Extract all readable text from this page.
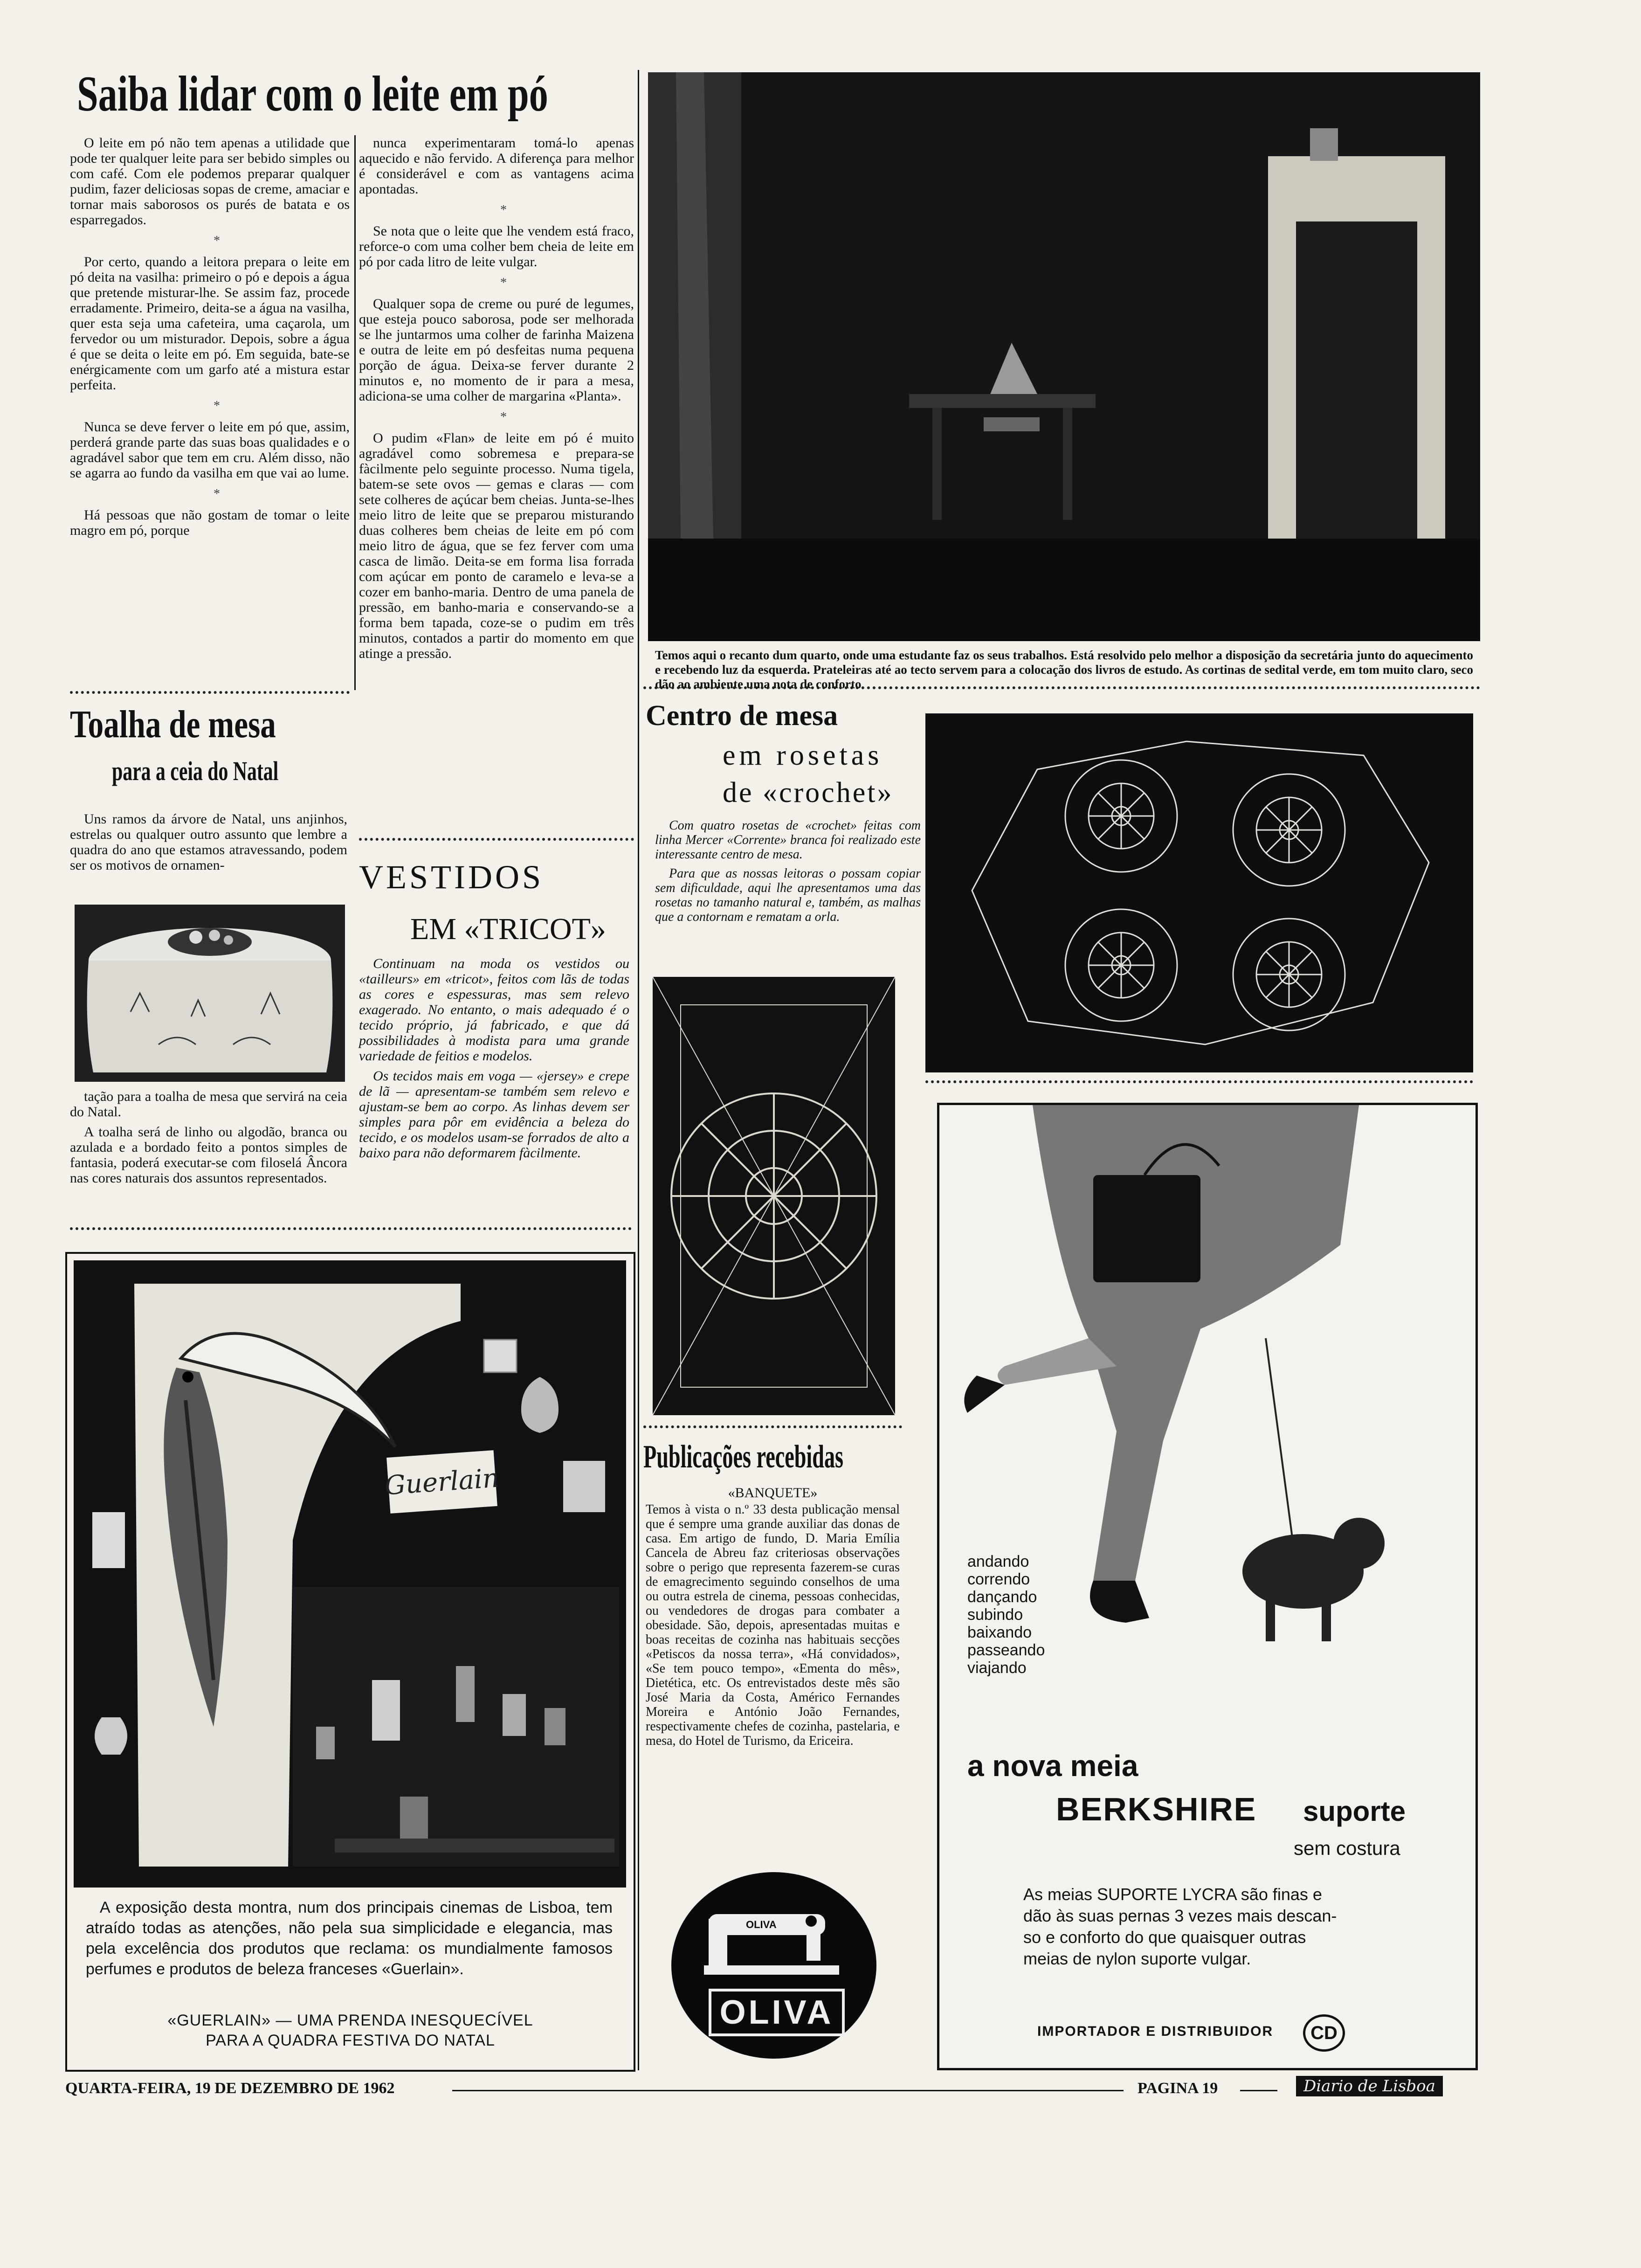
Saiba lidar com o leite em pó

O leite em pó não tem apenas a utilidade que pode ter qualquer leite para ser bebido simples ou com café. Com ele podemos preparar qualquer pudim, fazer deliciosas sopas de creme, amaciar e tornar mais saborosos os purés de batata e os esparregados.

*

Por certo, quando a leitora prepara o leite em pó deita na vasilha: primeiro o pó e depois a água que pretende misturar-lhe. Se assim faz, procede erradamente. Primeiro, deita-se a água na vasilha, quer esta seja uma cafeteira, uma caçarola, um fervedor ou um misturador. Depois, sobre a água é que se deita o leite em pó. Em seguida, bate-se enérgicamente com um garfo até a mistura estar perfeita.

*

Nunca se deve ferver o leite em pó que, assim, perderá grande parte das suas boas qualidades e o agradável sabor que tem em cru. Além disso, não se agarra ao fundo da vasilha em que vai ao lume.

*

Há pessoas que não gostam de tomar o leite magro em pó, porque

nunca experimentaram tomá-lo apenas aquecido e não fervido. A diferença para melhor é considerável e com as vantagens acima apontadas.

*

Se nota que o leite que lhe vendem está fraco, reforce-o com uma colher bem cheia de leite em pó por cada litro de leite vulgar.

*

Qualquer sopa de creme ou puré de legumes, que esteja pouco saborosa, pode ser melhorada se lhe juntarmos uma colher de farinha Maizena e outra de leite em pó desfeitas numa pequena porção de água. Deixa-se ferver durante 2 minutos e, no momento de ir para a mesa, adiciona-se uma colher de margarina «Planta».

*

O pudim «Flan» de leite em pó é muito agradável como sobremesa e prepara-se fàcilmente pelo seguinte processo. Numa tigela, batem-se sete ovos — gemas e claras — com sete colheres de açúcar bem cheias. Junta-se-lhes meio litro de leite que se preparou misturando duas colheres bem cheias de leite em pó com meio litro de água, que se fez ferver com uma casca de limão. Deita-se em forma lisa forrada com açúcar em ponto de caramelo e leva-se a cozer em banho-maria. Dentro de uma panela de pressão, em banho-maria e conservando-se a forma bem tapada, coze-se o pudim em três minutos, contados a partir do momento em que atinge a pressão.

Toalha de mesa
para a ceia do Natal

Uns ramos da árvore de Natal, uns anjinhos, estrelas ou qualquer outro assunto que lembre a quadra do ano que estamos atravessando, podem ser os motivos de ornamen-

tação para a toalha de mesa que servirá na ceia do Natal.

A toalha será de linho ou algodão, branca ou azulada e a bordado feito a pontos simples de fantasia, poderá executar-se com filoselá Âncora nas cores naturais dos assuntos representados.

VESTIDOS
EM «TRICOT»

Continuam na moda os vestidos ou «tailleurs» em «tricot», feitos com lãs de todas as cores e espessuras, mas sem relevo exagerado. No entanto, o mais adequado é o tecido próprio, já fabricado, e que dá possibilidades à modista para uma grande variedade de feitios e modelos.

Os tecidos mais em voga — «jersey» e crepe de lã — apresentam-se também sem relevo e ajustam-se bem ao corpo. As linhas devem ser simples para pôr em evidência a beleza do tecido, e os modelos usam-se forrados de alto a baixo para não deformarem fàcilmente.

Guerlain
A exposição desta montra, num dos principais cinemas de Lisboa, tem atraído todas as atenções, não pela sua simplicidade e elegancia, mas pela excelência dos produtos que reclama: os mundialmente famosos perfumes e produtos de beleza franceses «Guerlain».
«GUERLAIN» — UMA PRENDA INESQUECÍVEL
PARA A QUADRA FESTIVA DO NATAL
Temos aqui o recanto dum quarto, onde uma estudante faz os seus trabalhos. Está resolvido pelo melhor a disposição da secretária junto do aquecimento e recebendo luz da esquerda. Prateleiras até ao tecto servem para a colocação dos livros de estudo. As cortinas de sedital verde, em tom muito claro, seco dão ao ambiente uma nota de conforto
Centro de mesa
em rosetas
de «crochet»

Com quatro rosetas de «crochet» feitas com linha Mercer «Corrente» branca foi realizado este interessante centro de mesa.

Para que as nossas leitoras o possam copiar sem dificuldade, aqui lhe apresentamos uma das rosetas no tamanho natural e, também, as malhas que a contornam e rematam a orla.

Publicações recebidas
«BANQUETE»
Temos à vista o n.º 33 desta publicação mensal que é sempre uma grande auxiliar das donas de casa. Em artigo de fundo, D. Maria Emília Cancela de Abreu faz criteriosas observações sobre o perigo que representa fazerem-se curas de emagrecimento seguindo conselhos de uma ou outra estrela de cinema, pessoas conhecidas, ou vendedores de drogas para combater a obesidade. São, depois, apresentadas muitas e boas receitas de cozinha nas habituais secções «Petiscos da nossa terra», «Há convidados», «Se tem pouco tempo», «Ementa do mês», Dietética, etc. Os entrevistados deste mês são José Maria da Costa, Américo Fernandes Moreira e António João Fernandes, respectivamente chefes de cozinha, pastelaria, e mesa, do Hotel de Turismo, da Ericeira.
OLIVA
OLIVA
andando
correndo
dançando
subindo
baixando
passeando
viajando
a nova meia
BERKSHIRE suporte
sem costura
As meias SUPORTE LYCRA são finas e
dão às suas pernas 3 vezes mais descan-
so e conforto do que quaisquer outras
meias de nylon suporte vulgar.
IMPORTADOR E DISTRIBUIDOR	CD
QUARTA-FEIRA, 19 DE DEZEMBRO DE 1962	PAGINA 19	Diario de Lisboa
